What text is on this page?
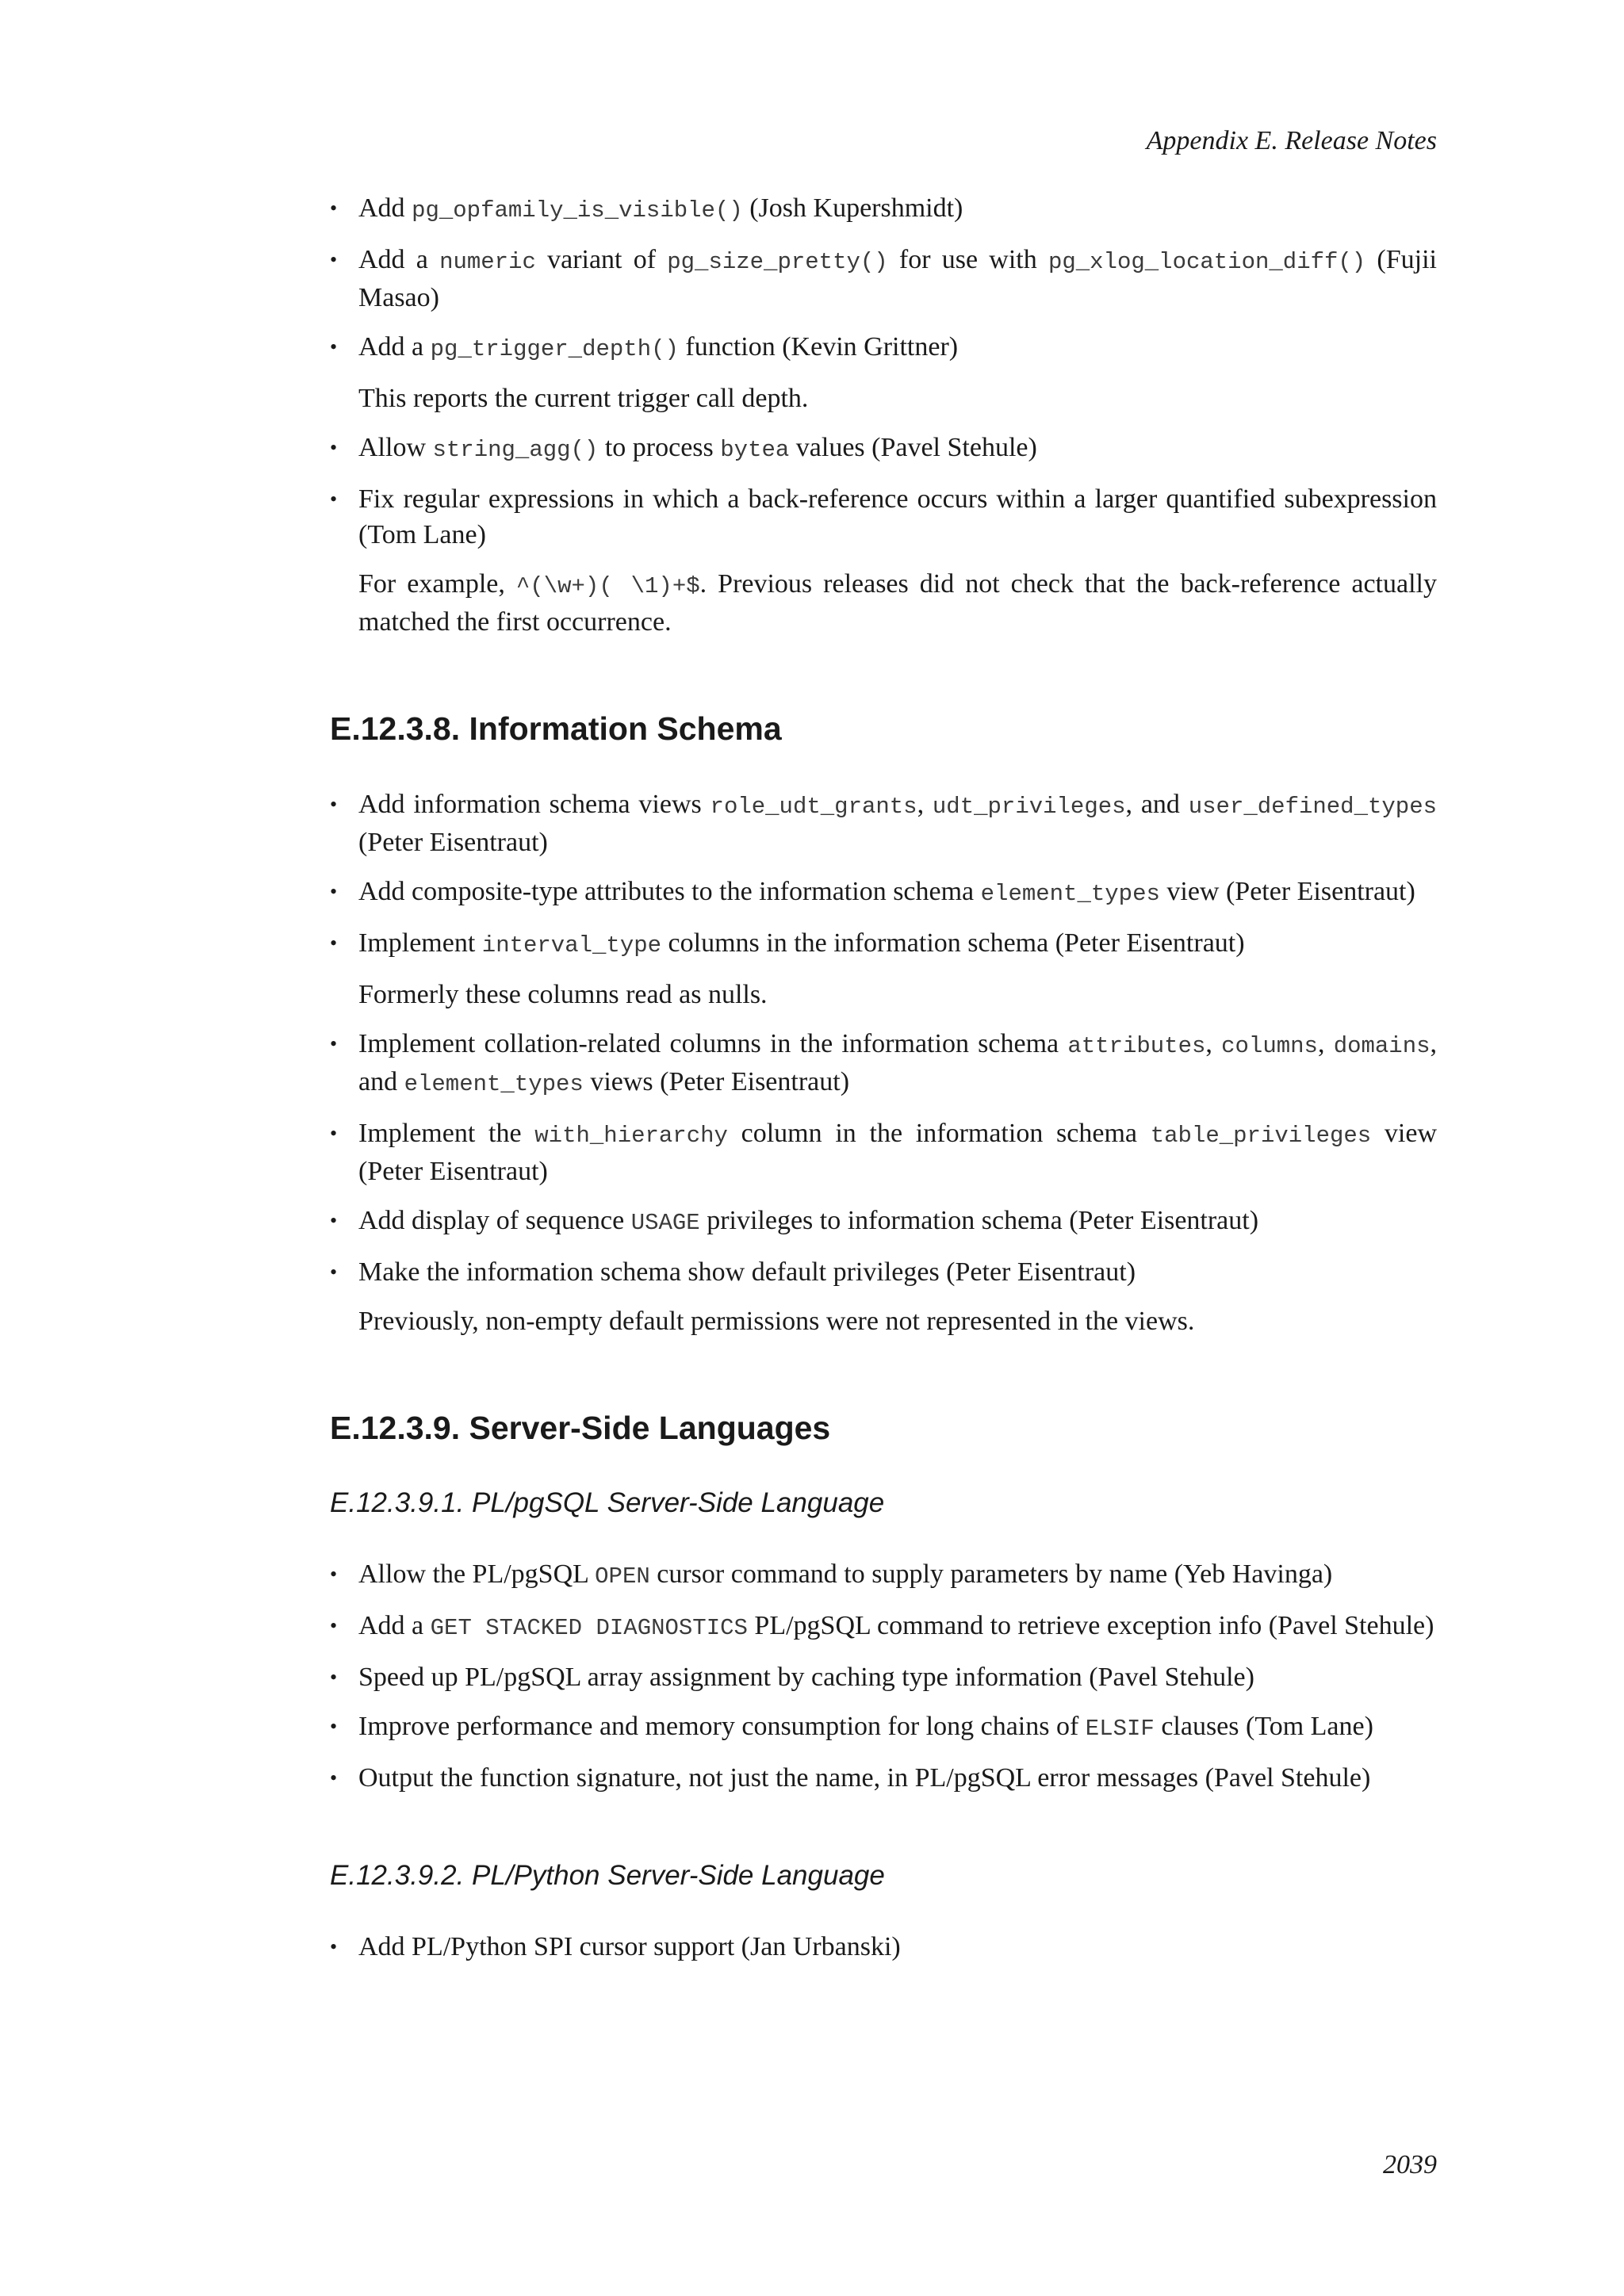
Appendix E. Release Notes
• Add pg_opfamily_is_visible() (Josh Kupershmidt)
• Add a numeric variant of pg_size_pretty() for use with pg_xlog_location_diff() (Fujii Masao)
• Add a pg_trigger_depth() function (Kevin Grittner)

This reports the current trigger call depth.

• Allow string_agg() to process bytea values (Pavel Stehule)
• Fix regular expressions in which a back-reference occurs within a larger quantified subexpression (Tom Lane)

For example, ^(\w+)( \1)+$. Previous releases did not check that the back-reference actually matched the first occurrence.

E.12.3.8. Information Schema
• Add information schema views role_udt_grants, udt_privileges, and user_defined_types (Peter Eisentraut)
• Add composite-type attributes to the information schema element_types view (Peter Eisentraut)
• Implement interval_type columns in the information schema (Peter Eisentraut)

Formerly these columns read as nulls.

• Implement collation-related columns in the information schema attributes, columns, domains, and element_types views (Peter Eisentraut)
• Implement the with_hierarchy column in the information schema table_privileges view (Peter Eisentraut)
• Add display of sequence USAGE privileges to information schema (Peter Eisentraut)
• Make the information schema show default privileges (Peter Eisentraut)

Previously, non-empty default permissions were not represented in the views.

E.12.3.9. Server-Side Languages
E.12.3.9.1. PL/pgSQL Server-Side Language
• Allow the PL/pgSQL OPEN cursor command to supply parameters by name (Yeb Havinga)
• Add a GET STACKED DIAGNOSTICS PL/pgSQL command to retrieve exception info (Pavel Stehule)
• Speed up PL/pgSQL array assignment by caching type information (Pavel Stehule)
• Improve performance and memory consumption for long chains of ELSIF clauses (Tom Lane)
• Output the function signature, not just the name, in PL/pgSQL error messages (Pavel Stehule)
E.12.3.9.2. PL/Python Server-Side Language
• Add PL/Python SPI cursor support (Jan Urbanski)
2039
